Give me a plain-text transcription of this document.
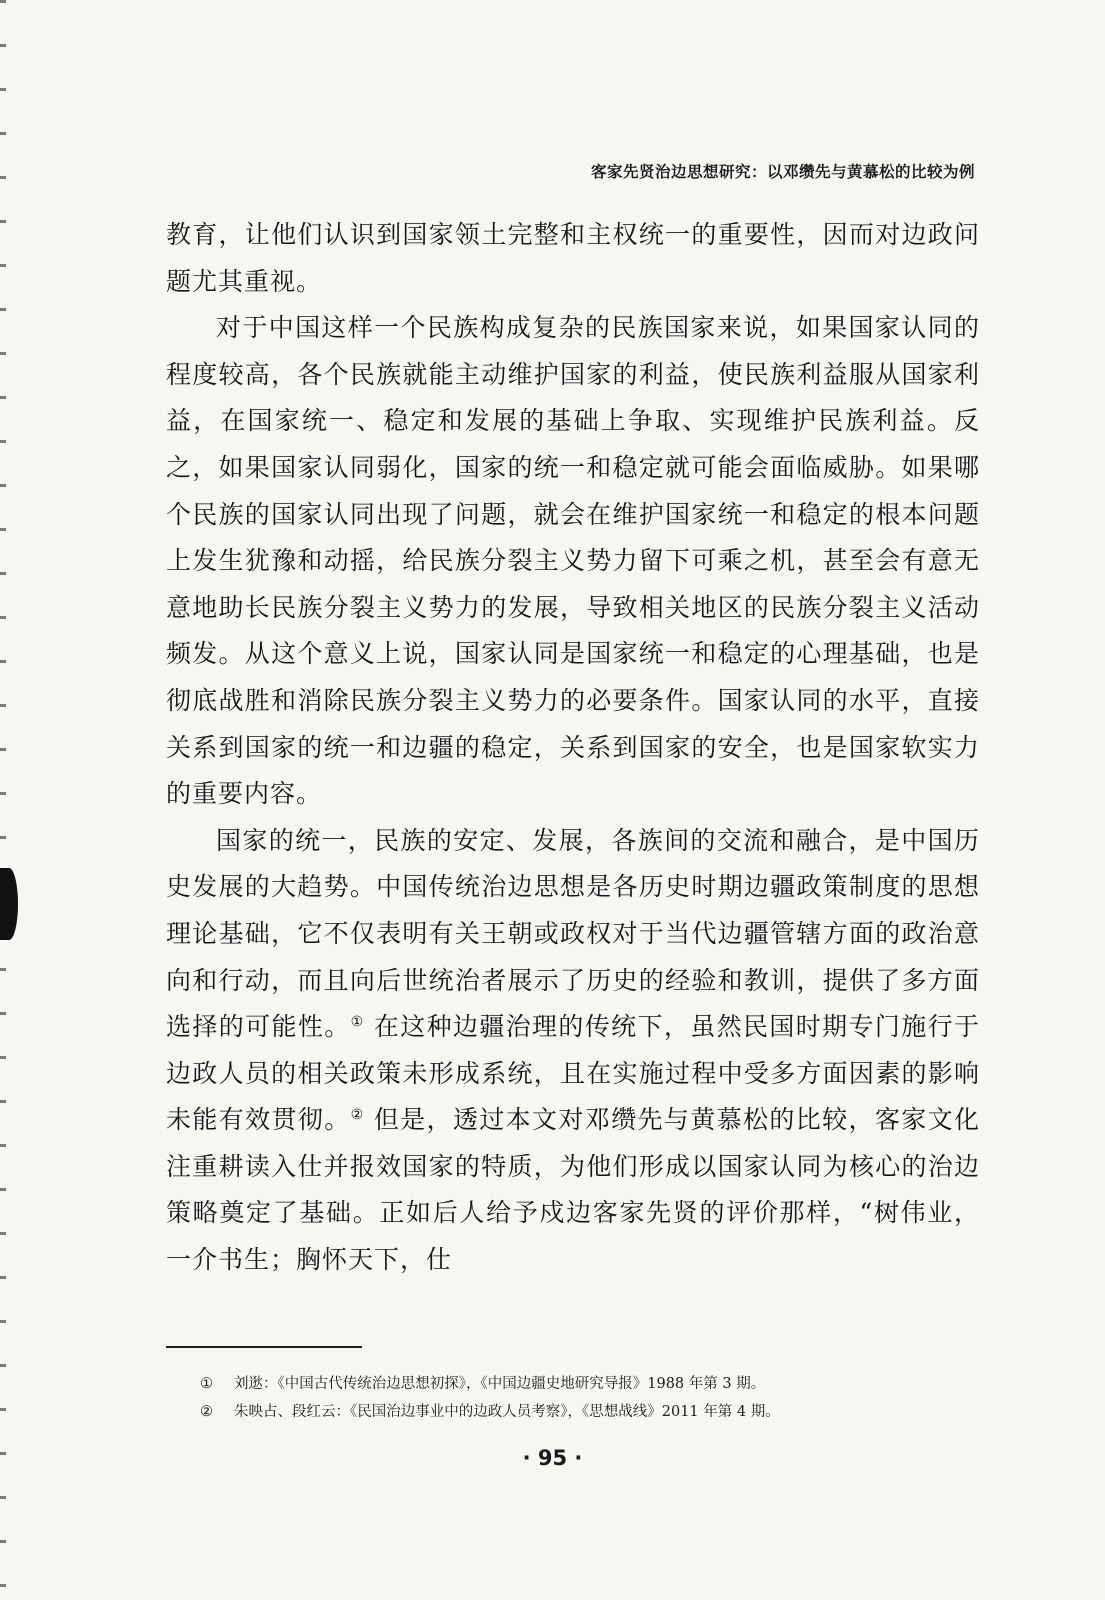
客家先贤治边思想研究：以邓缵先与黄慕松的比较为例

教育，让他们认识到国家领土完整和主权统一的重要性，因而对边政问题尤其重视。

对于中国这样一个民族构成复杂的民族国家来说，如果国家认同的程度较高，各个民族就能主动维护国家的利益，使民族利益服从国家利益，在国家统一、稳定和发展的基础上争取、实现维护民族利益。反之，如果国家认同弱化，国家的统一和稳定就可能会面临威胁。如果哪个民族的国家认同出现了问题，就会在维护国家统一和稳定的根本问题上发生犹豫和动摇，给民族分裂主义势力留下可乘之机，甚至会有意无意地助长民族分裂主义势力的发展，导致相关地区的民族分裂主义活动频发。从这个意义上说，国家认同是国家统一和稳定的心理基础，也是彻底战胜和消除民族分裂主义势力的必要条件。国家认同的水平，直接关系到国家的统一和边疆的稳定，关系到国家的安全，也是国家软实力的重要内容。

国家的统一，民族的安定、发展，各族间的交流和融合，是中国历史发展的大趋势。中国传统治边思想是各历史时期边疆政策制度的思想理论基础，它不仅表明有关王朝或政权对于当代边疆管辖方面的政治意向和行动，而且向后世统治者展示了历史的经验和教训，提供了多方面选择的可能性。① 在这种边疆治理的传统下，虽然民国时期专门施行于边政人员的相关政策未形成系统，且在实施过程中受多方面因素的影响未能有效贯彻。② 但是，透过本文对邓缵先与黄慕松的比较，客家文化注重耕读入仕并报效国家的特质，为他们形成以国家认同为核心的治边策略奠定了基础。正如后人给予戍边客家先贤的评价那样，“树伟业，一介书生；胸怀天下，仕

① 刘逖：《中国古代传统治边思想初探》，《中国边疆史地研究导报》1988 年第 3 期。
② 朱映占、段红云：《民国治边事业中的边政人员考察》，《思想战线》2011 年第 4 期。
· 95 ·
